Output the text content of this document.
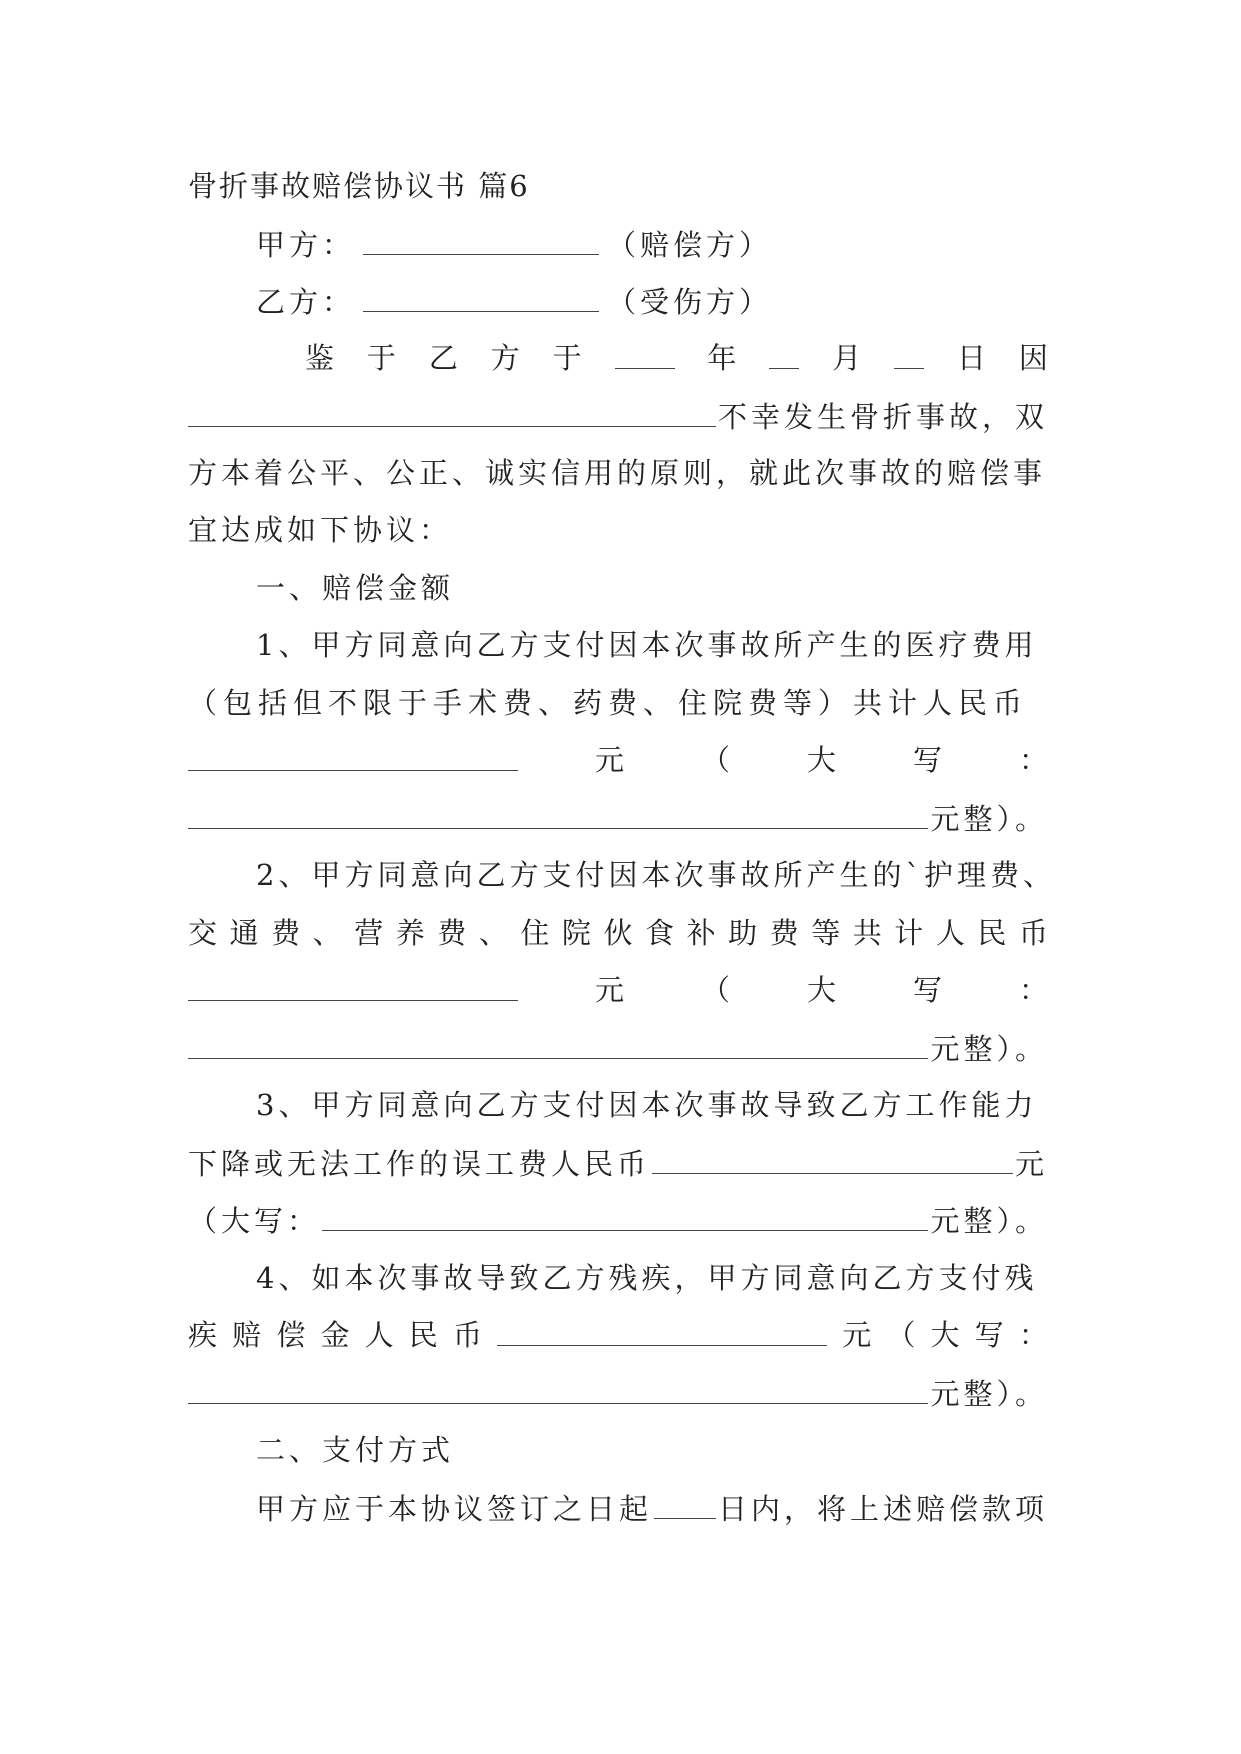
骨折事故赔偿协议书 篇6
甲方：	（赔偿方）
乙方：	（受伤方）
鉴 于 乙 方 于	年	月	日 因
不幸发生骨折事故，双
方本着公平、公正、诚实信用的原则，就此次事故的赔偿事
宜达成如下协议：
一、赔偿金额
1、甲方同意向乙方支付因本次事故所产生的医疗费用
（包括但不限于手术费、药费、住院费等）共计人民币
元	（	大	写	：
元整）。
2、甲方同意向乙方支付因本次事故所产生的`护理费、
交 通 费 、 营 养 费 、 住 院 伙 食 补 助 费 等 共 计 人 民 币
元	（	大	写	：
元整）。
3、甲方同意向乙方支付因本次事故导致乙方工作能力
下降或无法工作的误工费人民币	元
（大写：	元整）。
4、如本次事故导致乙方残疾，甲方同意向乙方支付残
疾 赔 偿 金 人 民 币	元 （ 大 写 ：
元整）。
二、支付方式
甲方应于本协议签订之日起 日内，将上述赔偿款项
